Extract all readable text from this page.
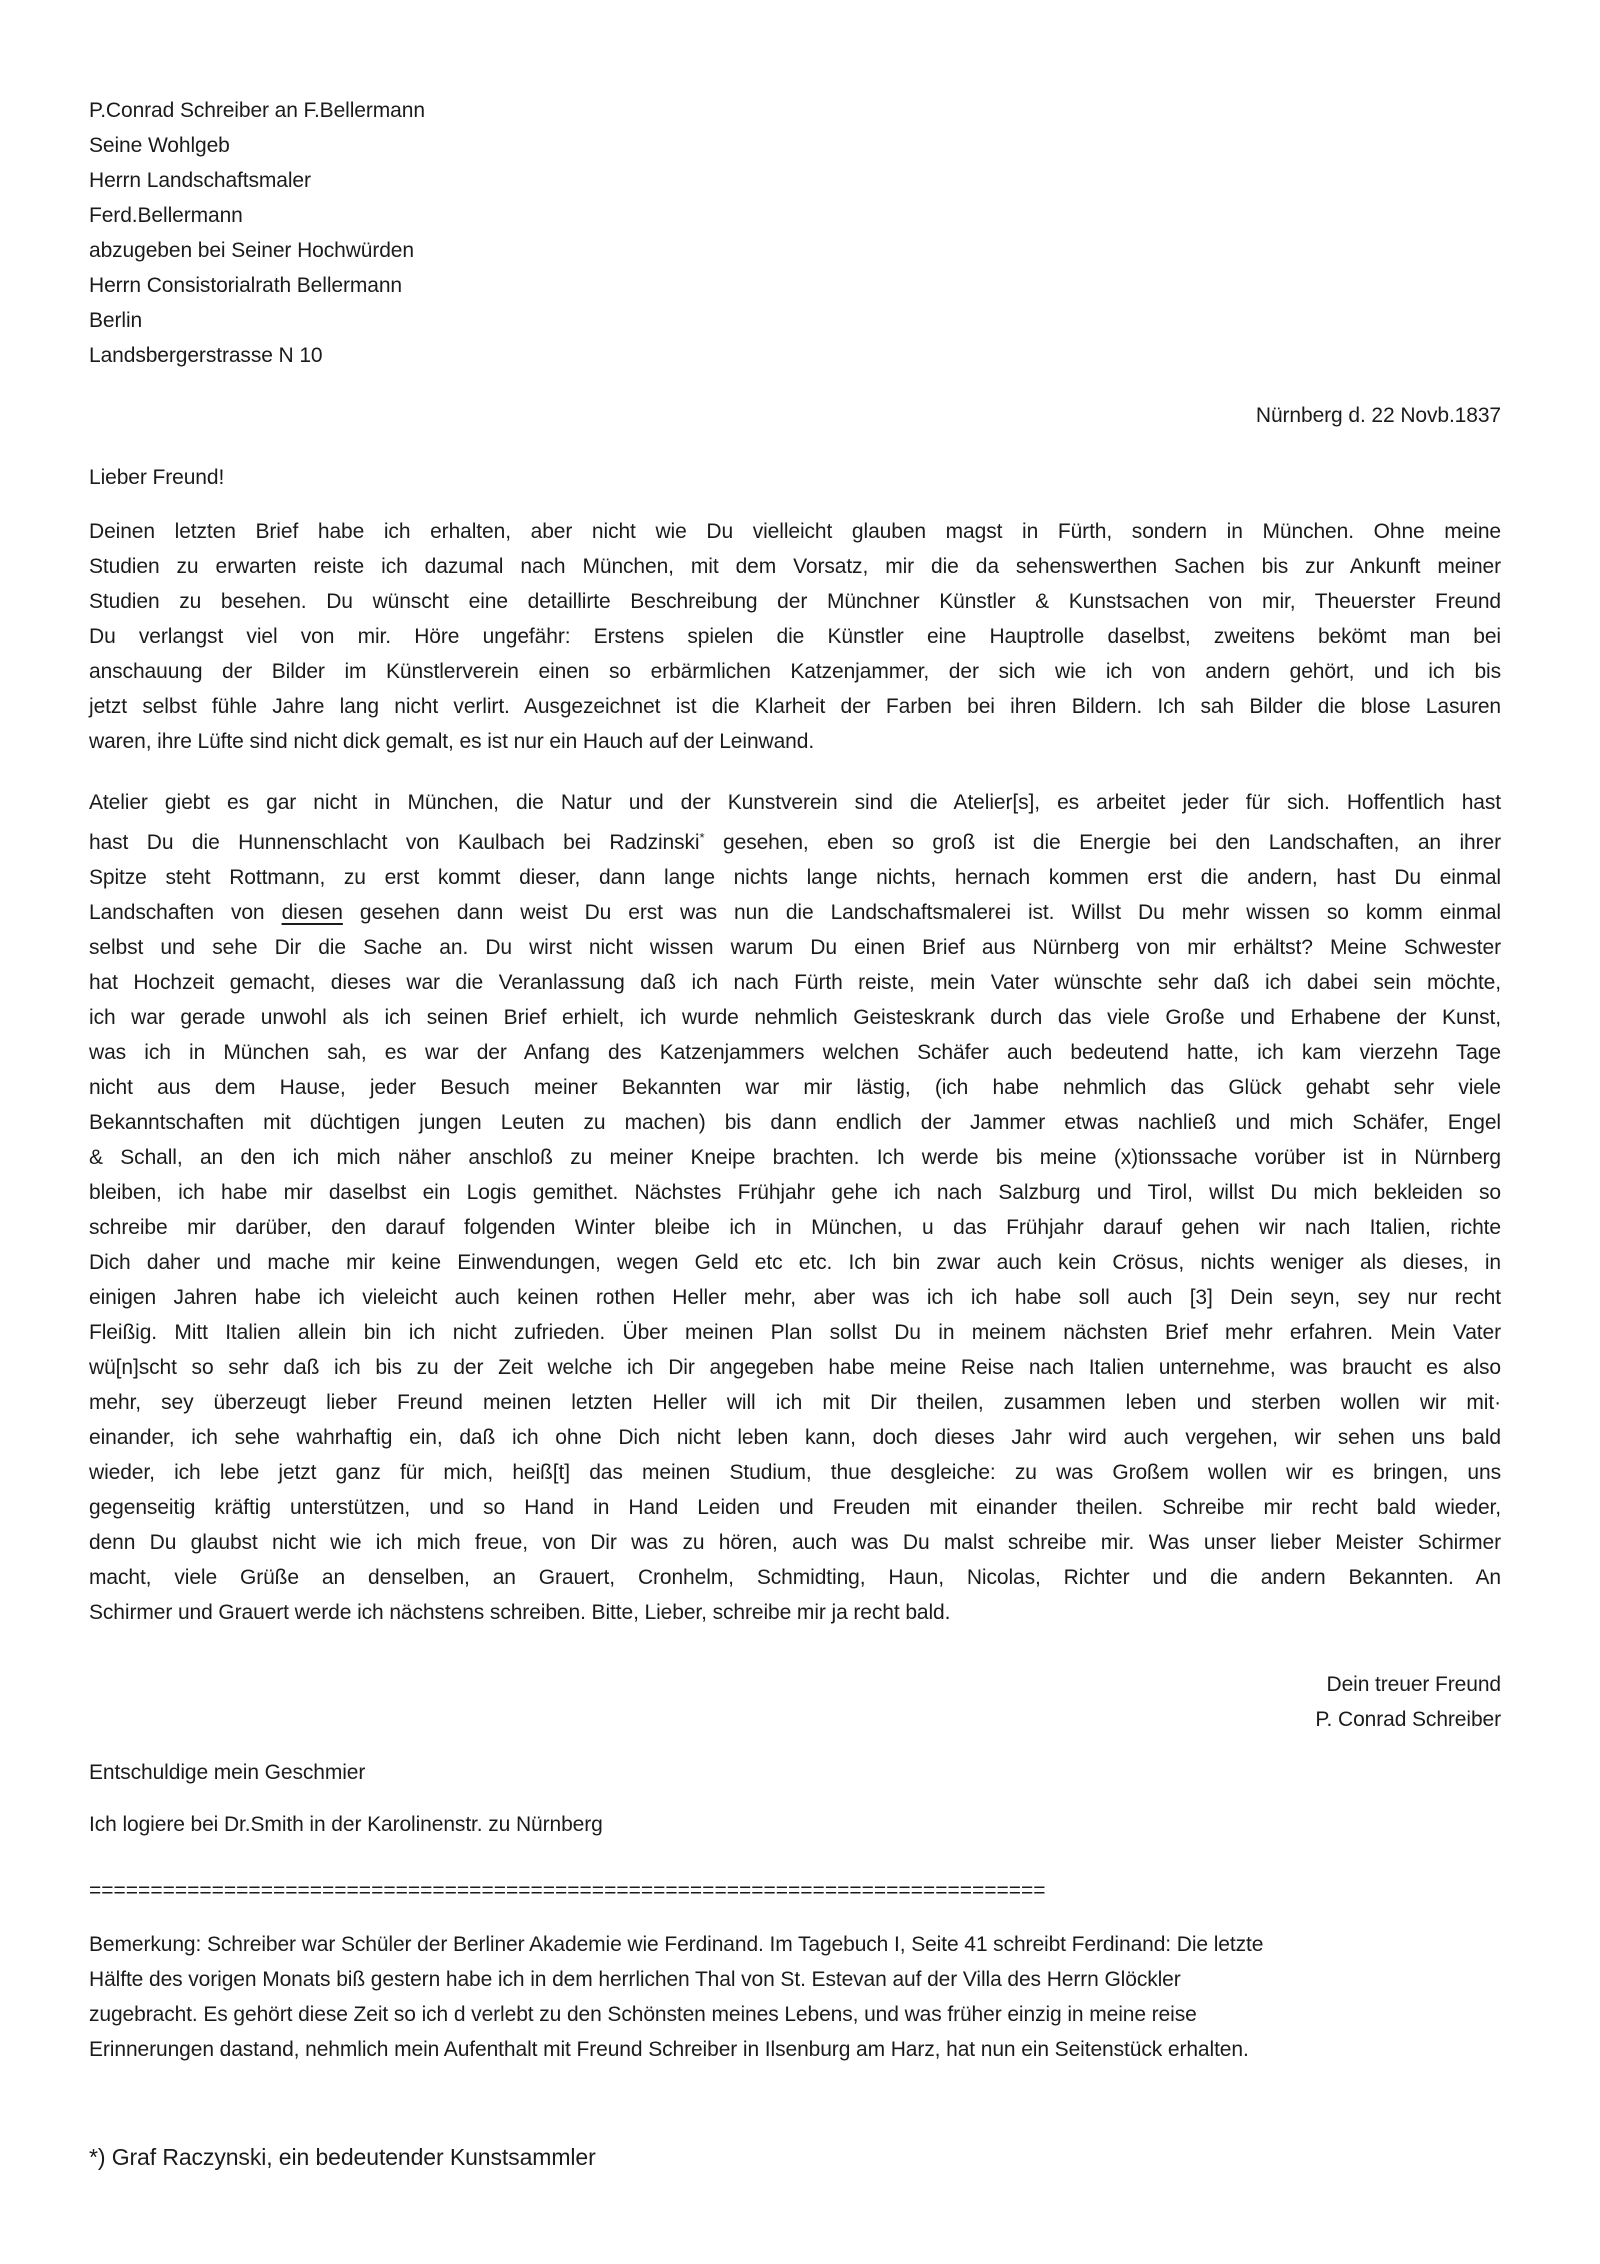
P.Conrad Schreiber an F.Bellermann
Seine Wohlgeb
Herrn Landschaftsmaler
Ferd.Bellermann
abzugeben bei Seiner Hochwürden
Herrn Consistorialrath Bellermann
Berlin
Landsbergerstrasse N 10
Nürnberg d. 22 Novb.1837
Lieber Freund!
Deinen letzten Brief habe ich erhalten, aber nicht wie Du vielleicht glauben magst in Fürth, sondern in München. Ohne meine
Studien zu erwarten reiste ich dazumal nach München, mit dem Vorsatz, mir die da sehenswerthen Sachen bis zur Ankunft meiner
Studien zu besehen. Du wünscht eine detaillirte Beschreibung der Münchner Künstler & Kunstsachen von mir, Theuerster Freund
Du verlangst viel von mir. Höre ungefähr: Erstens spielen die Künstler eine Hauptrolle daselbst, zweitens bekömt man bei
anschauung der Bilder im Künstlerverein einen so erbärmlichen Katzenjammer, der sich wie ich von andern gehört, und ich bis
jetzt selbst fühle Jahre lang nicht verlirt. Ausgezeichnet ist die Klarheit der Farben bei ihren Bildern. Ich sah Bilder die blose Lasuren
waren, ihre Lüfte sind nicht dick gemalt, es ist nur ein Hauch auf der Leinwand.
Atelier giebt es gar nicht in München, die Natur und der Kunstverein sind die Atelier[s], es arbeitet jeder für sich. Hoffentlich hast
hast Du die Hunnenschlacht von Kaulbach bei Radzinski* gesehen, eben so groß ist die Energie bei den Landschaften, an ihrer
Spitze steht Rottmann, zu erst kommt dieser, dann lange nichts lange nichts, hernach kommen erst die andern, hast Du einmal
Landschaften von diesen gesehen dann weist Du erst was nun die Landschaftsmalerei ist. Willst Du mehr wissen so komm einmal
selbst und sehe Dir die Sache an. Du wirst nicht wissen warum Du einen Brief aus Nürnberg von mir erhältst? Meine Schwester
hat Hochzeit gemacht, dieses war die Veranlassung daß ich nach Fürth reiste, mein Vater wünschte sehr daß ich dabei sein möchte,
ich war gerade unwohl als ich seinen Brief erhielt, ich wurde nehmlich Geisteskrank durch das viele Große und Erhabene der Kunst,
was ich in München sah, es war der Anfang des Katzenjammers welchen Schäfer auch bedeutend hatte, ich kam vierzehn Tage
nicht aus dem Hause, jeder Besuch meiner Bekannten war mir lästig, (ich habe nehmlich das Glück gehabt sehr viele
Bekanntschaften mit düchtigen jungen Leuten zu machen) bis dann endlich der Jammer etwas nachließ und mich Schäfer, Engel
& Schall, an den ich mich näher anschloß zu meiner Kneipe brachten. Ich werde bis meine (x)tionssache vorüber ist in Nürnberg
bleiben, ich habe mir daselbst ein Logis gemithet. Nächstes Frühjahr gehe ich nach Salzburg und Tirol, willst Du mich bekleiden so
schreibe mir darüber, den darauf folgenden Winter bleibe ich in München, u das Frühjahr darauf gehen wir nach Italien, richte
Dich daher und mache mir keine Einwendungen, wegen Geld etc etc. Ich bin zwar auch kein Crösus, nichts weniger als dieses, in
einigen Jahren habe ich vieleicht auch keinen rothen Heller mehr, aber was ich ich habe soll auch [3] Dein seyn, sey nur recht
Fleißig. Mitt Italien allein bin ich nicht zufrieden. Über meinen Plan sollst Du in meinem nächsten Brief mehr erfahren. Mein Vater
wü[n]scht so sehr daß ich bis zu der Zeit welche ich Dir angegeben habe meine Reise nach Italien unternehme, was braucht es also
mehr, sey überzeugt lieber Freund meinen letzten Heller will ich mit Dir theilen, zusammen leben und sterben wollen wir mit·
einander, ich sehe wahrhaftig ein, daß ich ohne Dich nicht leben kann, doch dieses Jahr wird auch vergehen, wir sehen uns bald
wieder, ich lebe jetzt ganz für mich, heiß[t] das meinen Studium, thue desgleiche: zu was Großem wollen wir es bringen, uns
gegenseitig kräftig unterstützen, und so Hand in Hand Leiden und Freuden mit einander theilen. Schreibe mir recht bald wieder,
denn Du glaubst nicht wie ich mich freue, von Dir was zu hören, auch was Du malst schreibe mir. Was unser lieber Meister Schirmer
macht, viele Grüße an denselben, an Grauert, Cronhelm, Schmidting, Haun, Nicolas, Richter und die andern Bekannten. An
Schirmer und Grauert werde ich nächstens schreiben. Bitte, Lieber, schreibe mir ja recht bald.
Dein treuer Freund
P. Conrad Schreiber
Entschuldige mein Geschmier
Ich logiere bei Dr.Smith in der Karolinenstr. zu Nürnberg
==============================================================================
Bemerkung: Schreiber war Schüler der Berliner Akademie wie Ferdinand. Im Tagebuch I, Seite 41 schreibt Ferdinand: Die letzte
Hälfte des vorigen Monats biß gestern habe ich in dem herrlichen Thal von St. Estevan auf der Villa des Herrn Glöckler
zugebracht. Es gehört diese Zeit so ich d verlebt zu den Schönsten meines Lebens, und was früher einzig in meine reise
Erinnerungen dastand, nehmlich mein Aufenthalt mit Freund Schreiber in Ilsenburg am Harz, hat nun ein Seitenstück erhalten.
*) Graf Raczynski, ein bedeutender Kunstsammler
